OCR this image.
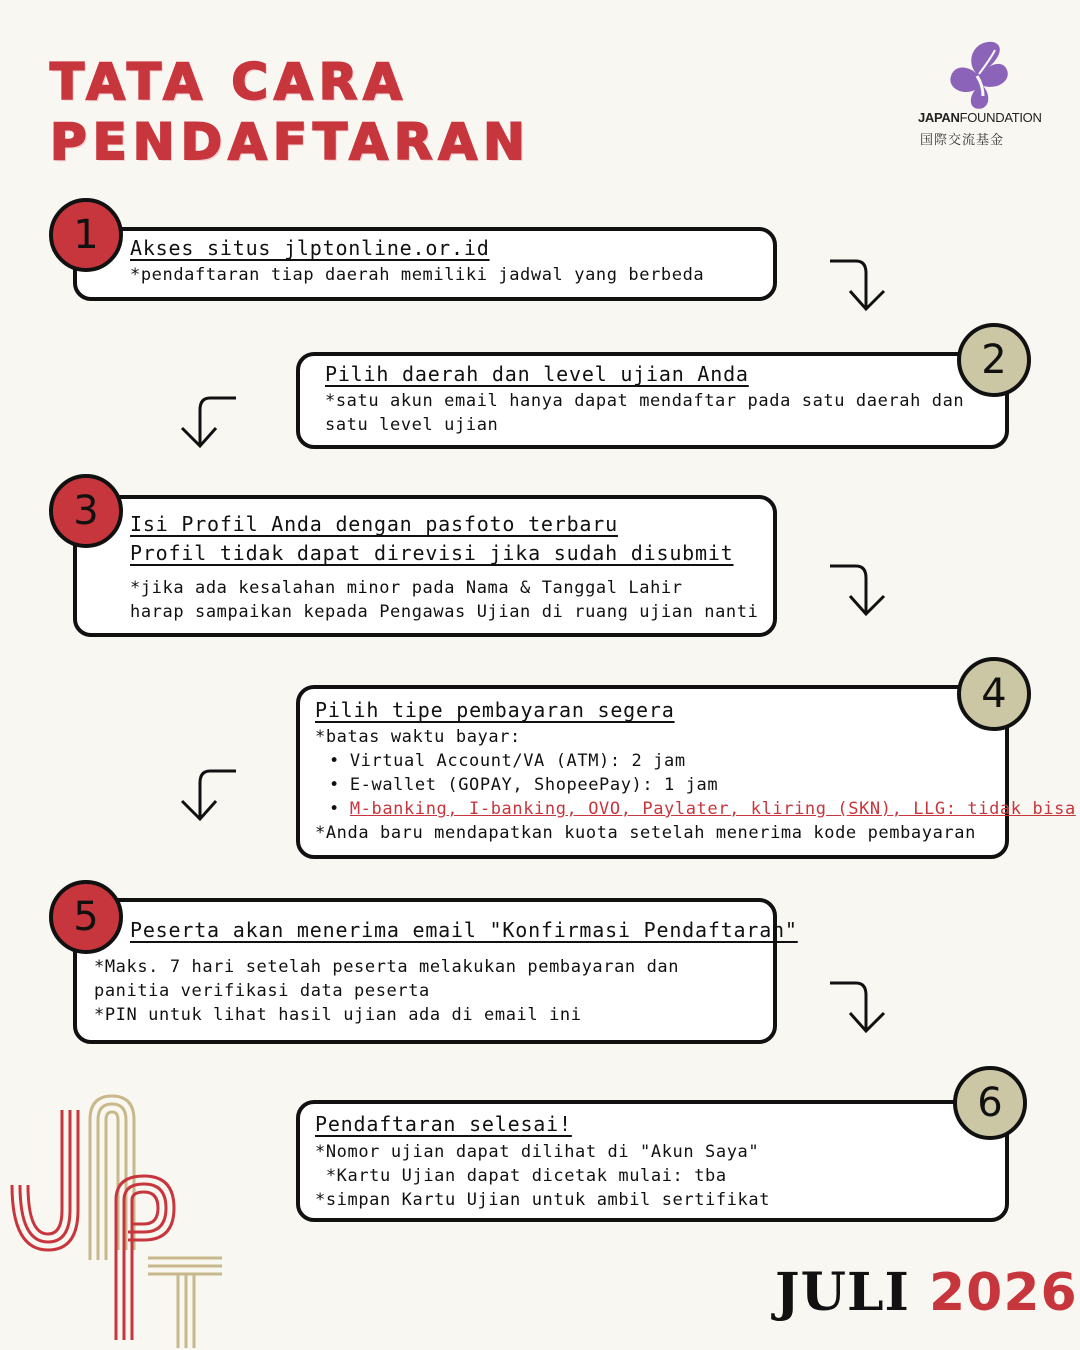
TATA CARA
PENDAFTARAN	JAPANFOUNDATION
国際交流基金
1	Akses situs jlptonline.or.id
*pendaftaran tiap daerah memiliki jadwal yang berbeda
2
Pilih daerah dan level ujian Anda
*satu akun email hanya dapat mendaftar pada satu daerah dan
satu level ujian
3	Isi Profil Anda dengan pasfoto terbaru
Profil tidak dapat direvisi jika sudah disubmit
*jika ada kesalahan minor pada Nama & Tanggal Lahir
harap sampaikan kepada Pengawas Ujian di ruang ujian nanti
4
Pilih tipe pembayaran segera
*batas waktu bayar:
• Virtual Account/VA (ATM): 2 jam
• E-wallet (GOPAY, ShopeePay): 1 jam
• M-banking, I-banking, OVO, Paylater, kliring (SKN), LLG: tidak bisa
*Anda baru mendapatkan kuota setelah menerima kode pembayaran
5	Peserta akan menerima email "Konfirmasi Pendaftaran"
*Maks. 7 hari setelah peserta melakukan pembayaran dan
panitia verifikasi data peserta
*PIN untuk lihat hasil ujian ada di email ini
6
Pendaftaran selesai!
*Nomor ujian dapat dilihat di "Akun Saya"
*Kartu Ujian dapat dicetak mulai: tba
*simpan Kartu Ujian untuk ambil sertifikat
JULI 2026
